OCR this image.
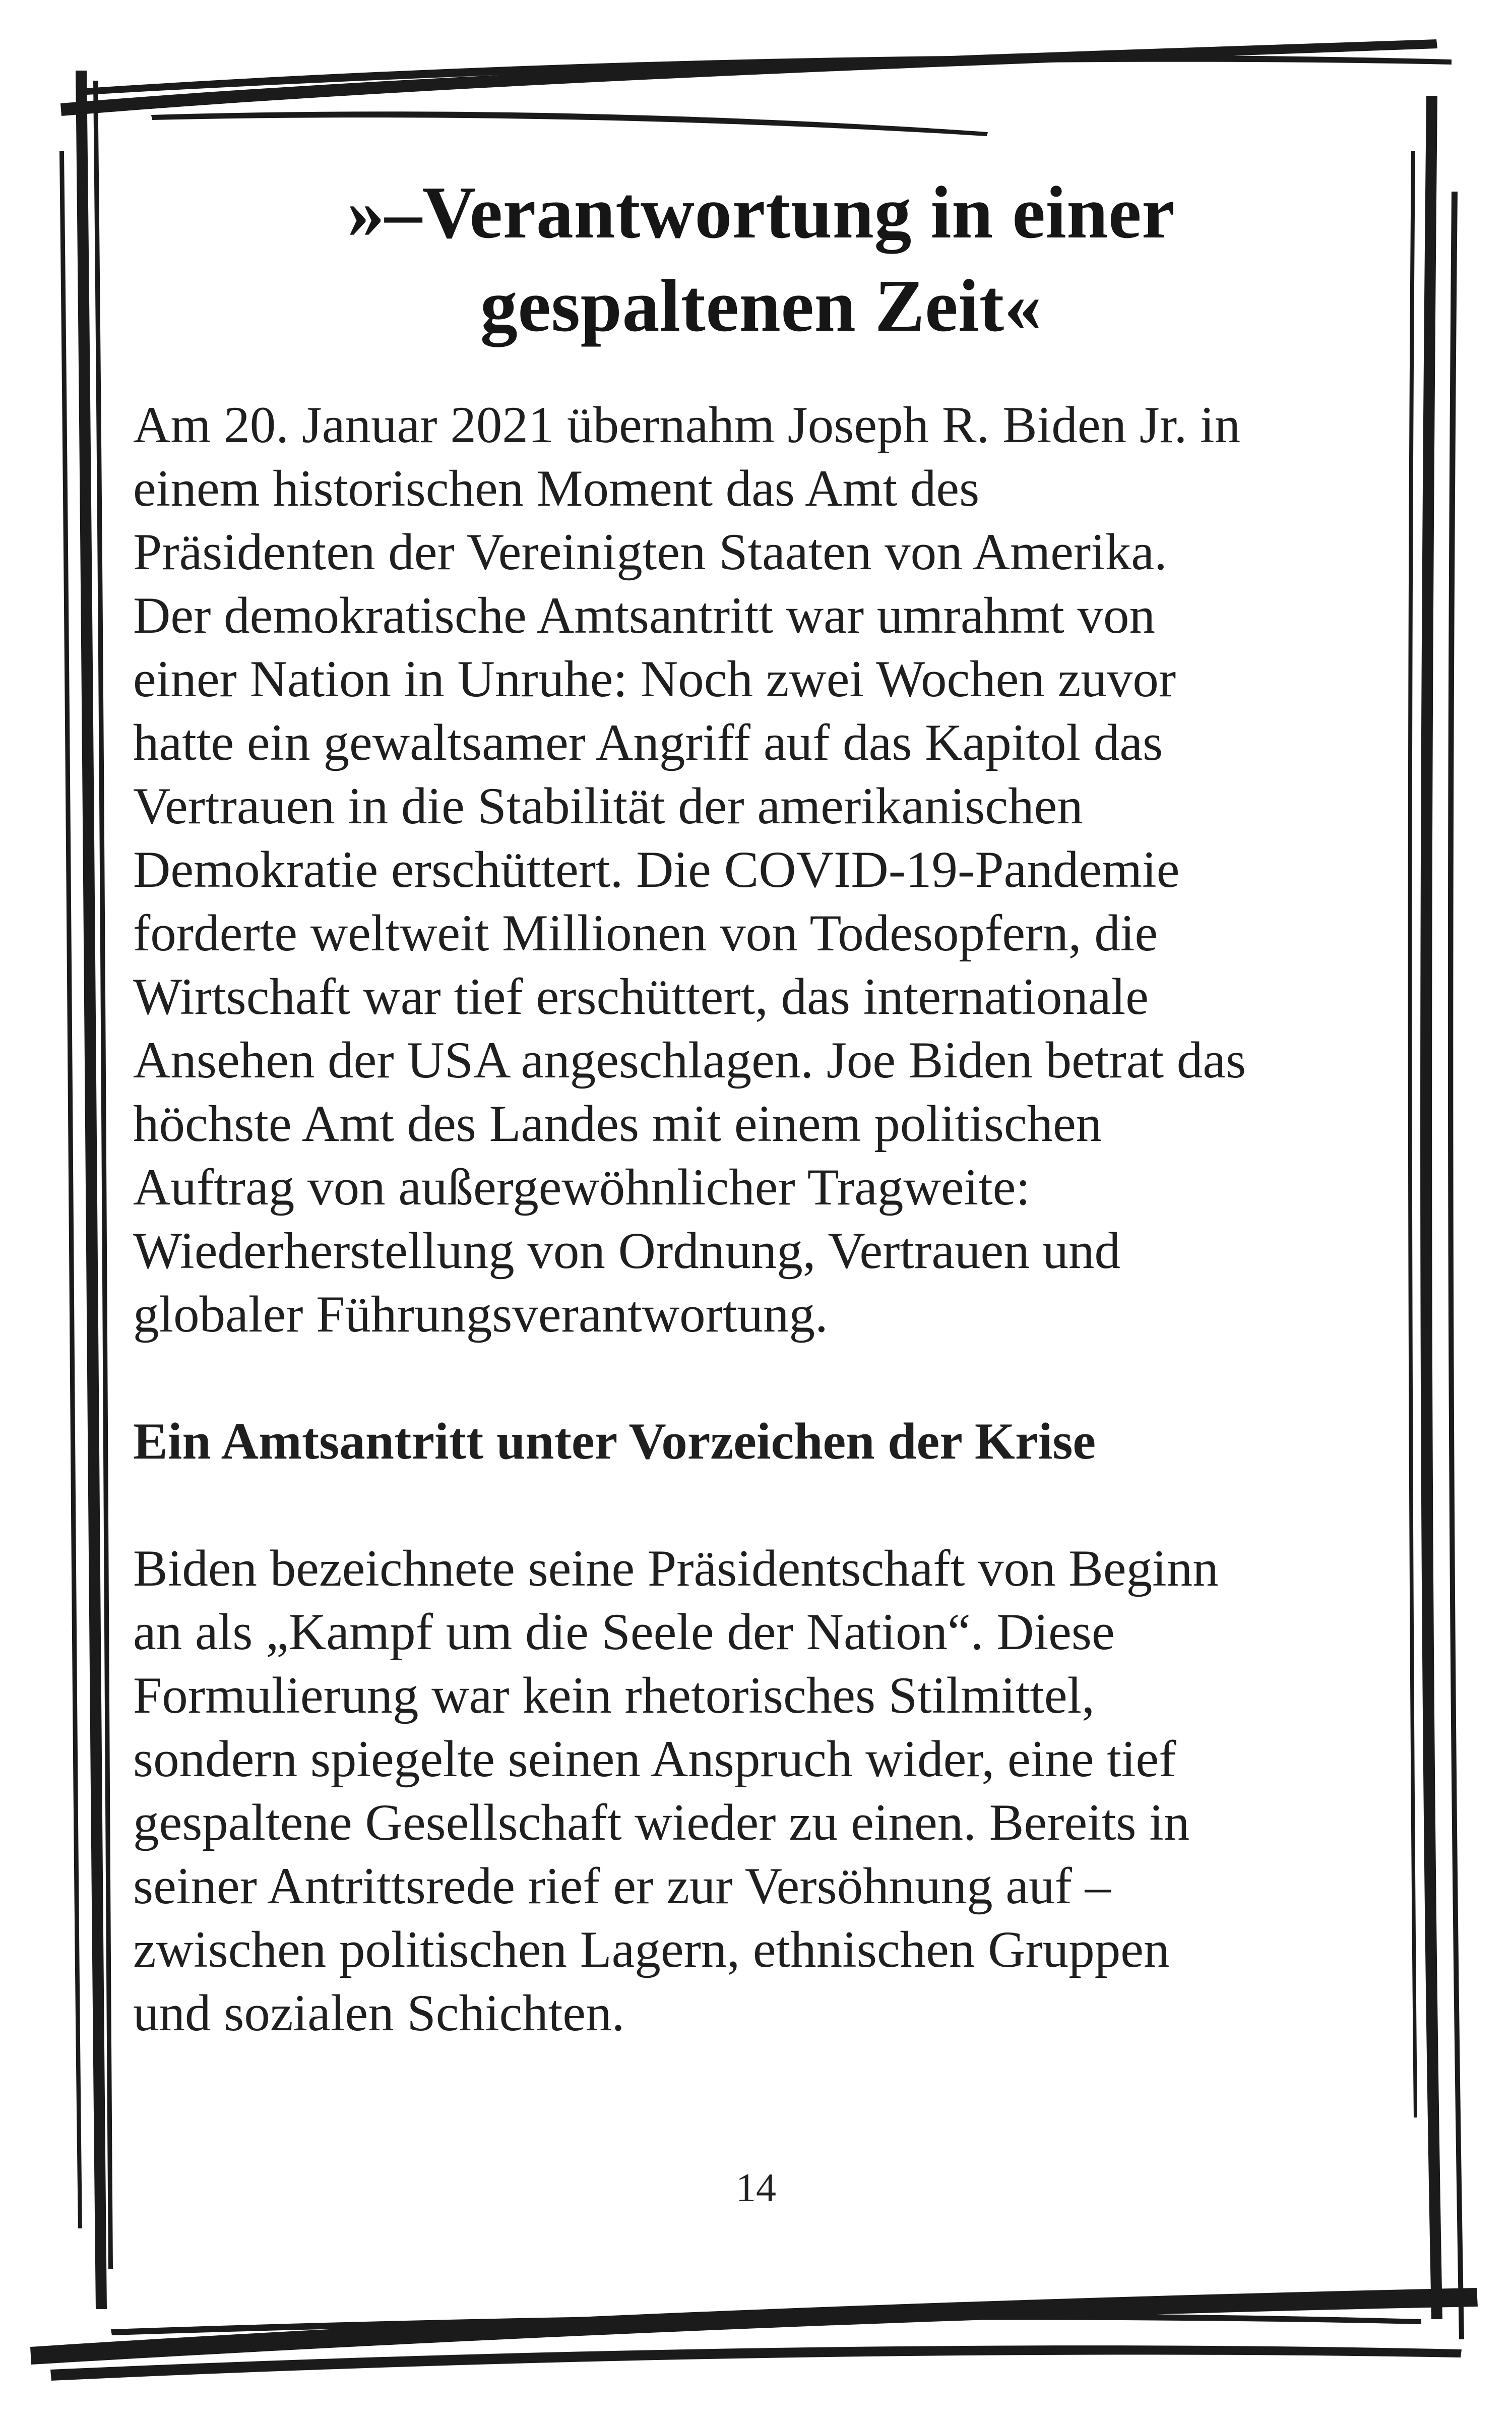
»–Verantwortung in einer
gespaltenen Zeit«
Am 20. Januar 2021 übernahm Joseph R. Biden Jr. in
einem historischen Moment das Amt des
Präsidenten der Vereinigten Staaten von Amerika.
Der demokratische Amtsantritt war umrahmt von
einer Nation in Unruhe: Noch zwei Wochen zuvor
hatte ein gewaltsamer Angriff auf das Kapitol das
Vertrauen in die Stabilität der amerikanischen
Demokratie erschüttert. Die COVID-19-Pandemie
forderte weltweit Millionen von Todesopfern, die
Wirtschaft war tief erschüttert, das internationale
Ansehen der USA angeschlagen. Joe Biden betrat das
höchste Amt des Landes mit einem politischen
Auftrag von außergewöhnlicher Tragweite:
Wiederherstellung von Ordnung, Vertrauen und
globaler Führungsverantwortung.
Ein Amtsantritt unter Vorzeichen der Krise
Biden bezeichnete seine Präsidentschaft von Beginn
an als „Kampf um die Seele der Nation“. Diese
Formulierung war kein rhetorisches Stilmittel,
sondern spiegelte seinen Anspruch wider, eine tief
gespaltene Gesellschaft wieder zu einen. Bereits in
seiner Antrittsrede rief er zur Versöhnung auf –
zwischen politischen Lagern, ethnischen Gruppen
und sozialen Schichten.
14
